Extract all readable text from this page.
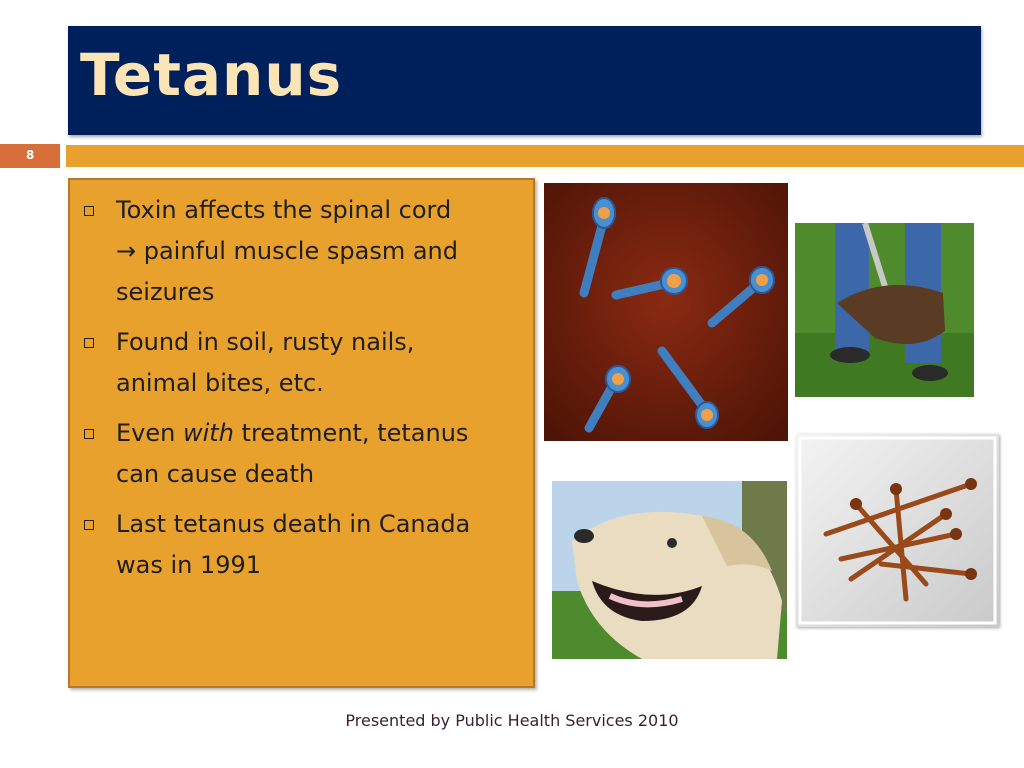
Tetanus
8
Toxin affects the spinal cord
→ painful muscle spasm and
seizures
Found in soil, rusty nails,
animal bites, etc.
Even with treatment, tetanus
can cause death
Last tetanus death in Canada
was in 1991
Presented by Public Health Services 2010
